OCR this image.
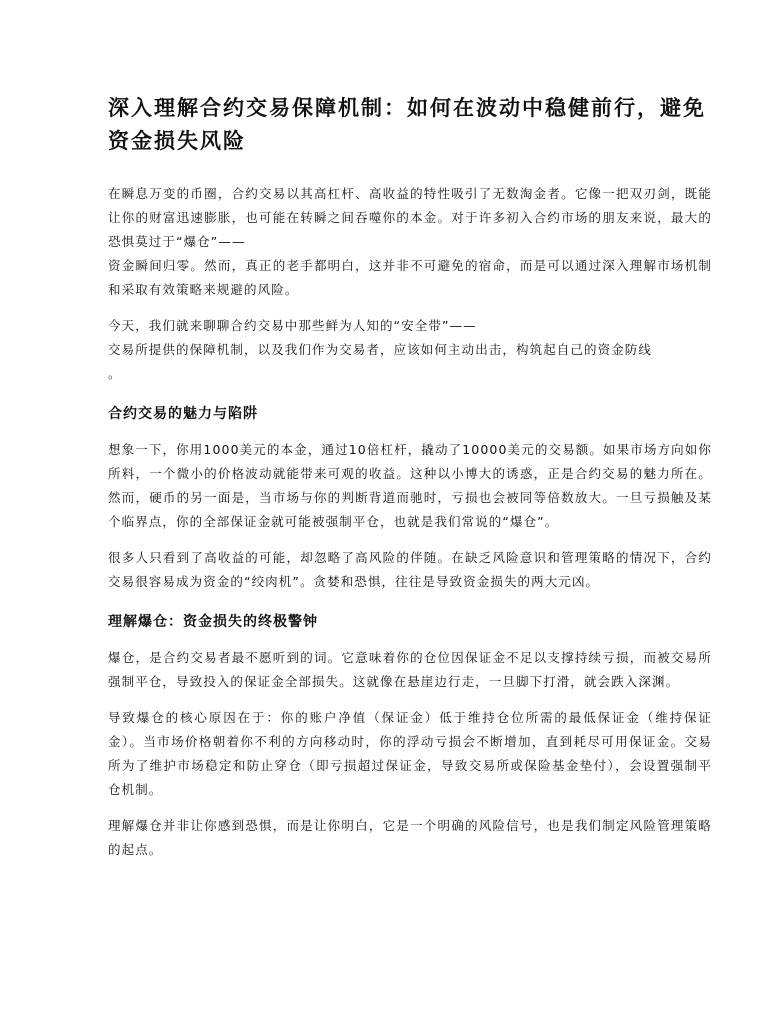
深入理解合约交易保障机制：如何在波动中稳健前行，避免资金损失风险
在瞬息万变的币圈，合约交易以其高杠杆、高收益的特性吸引了无数淘金者。它像一把双刃剑，既能让你的财富迅速膨胀，也可能在转瞬之间吞噬你的本金。对于许多初入合约市场的朋友来说，最大的恐惧莫过于“爆仓”——
资金瞬间归零。然而，真正的老手都明白，这并非不可避免的宿命，而是可以通过深入理解市场机制和采取有效策略来规避的风险。
今天，我们就来聊聊合约交易中那些鲜为人知的“安全带”——
交易所提供的保障机制，以及我们作为交易者，应该如何主动出击，构筑起自己的资金防线
。
合约交易的魅力与陷阱

想象一下，你用1000美元的本金，通过10倍杠杆，撬动了10000美元的交易额。如果市场方向如你所料，一个微小的价格波动就能带来可观的收益。这种以小博大的诱惑，正是合约交易的魅力所在。然而，硬币的另一面是，当市场与你的判断背道而驰时，亏损也会被同等倍数放大。一旦亏损触及某个临界点，你的全部保证金就可能被强制平仓，也就是我们常说的“爆仓”。

很多人只看到了高收益的可能，却忽略了高风险的伴随。在缺乏风险意识和管理策略的情况下，合约交易很容易成为资金的“绞肉机”。贪婪和恐惧，往往是导致资金损失的两大元凶。

理解爆仓：资金损失的终极警钟

爆仓，是合约交易者最不愿听到的词。它意味着你的仓位因保证金不足以支撑持续亏损，而被交易所强制平仓，导致投入的保证金全部损失。这就像在悬崖边行走，一旦脚下打滑，就会跌入深渊。

导致爆仓的核心原因在于：你的账户净值（保证金）低于维持仓位所需的最低保证金（维持保证金）。当市场价格朝着你不利的方向移动时，你的浮动亏损会不断增加，直到耗尽可用保证金。交易所为了维护市场稳定和防止穿仓（即亏损超过保证金，导致交易所或保险基金垫付），会设置强制平仓机制。

理解爆仓并非让你感到恐惧，而是让你明白，它是一个明确的风险信号，也是我们制定风险管理策略的起点。
